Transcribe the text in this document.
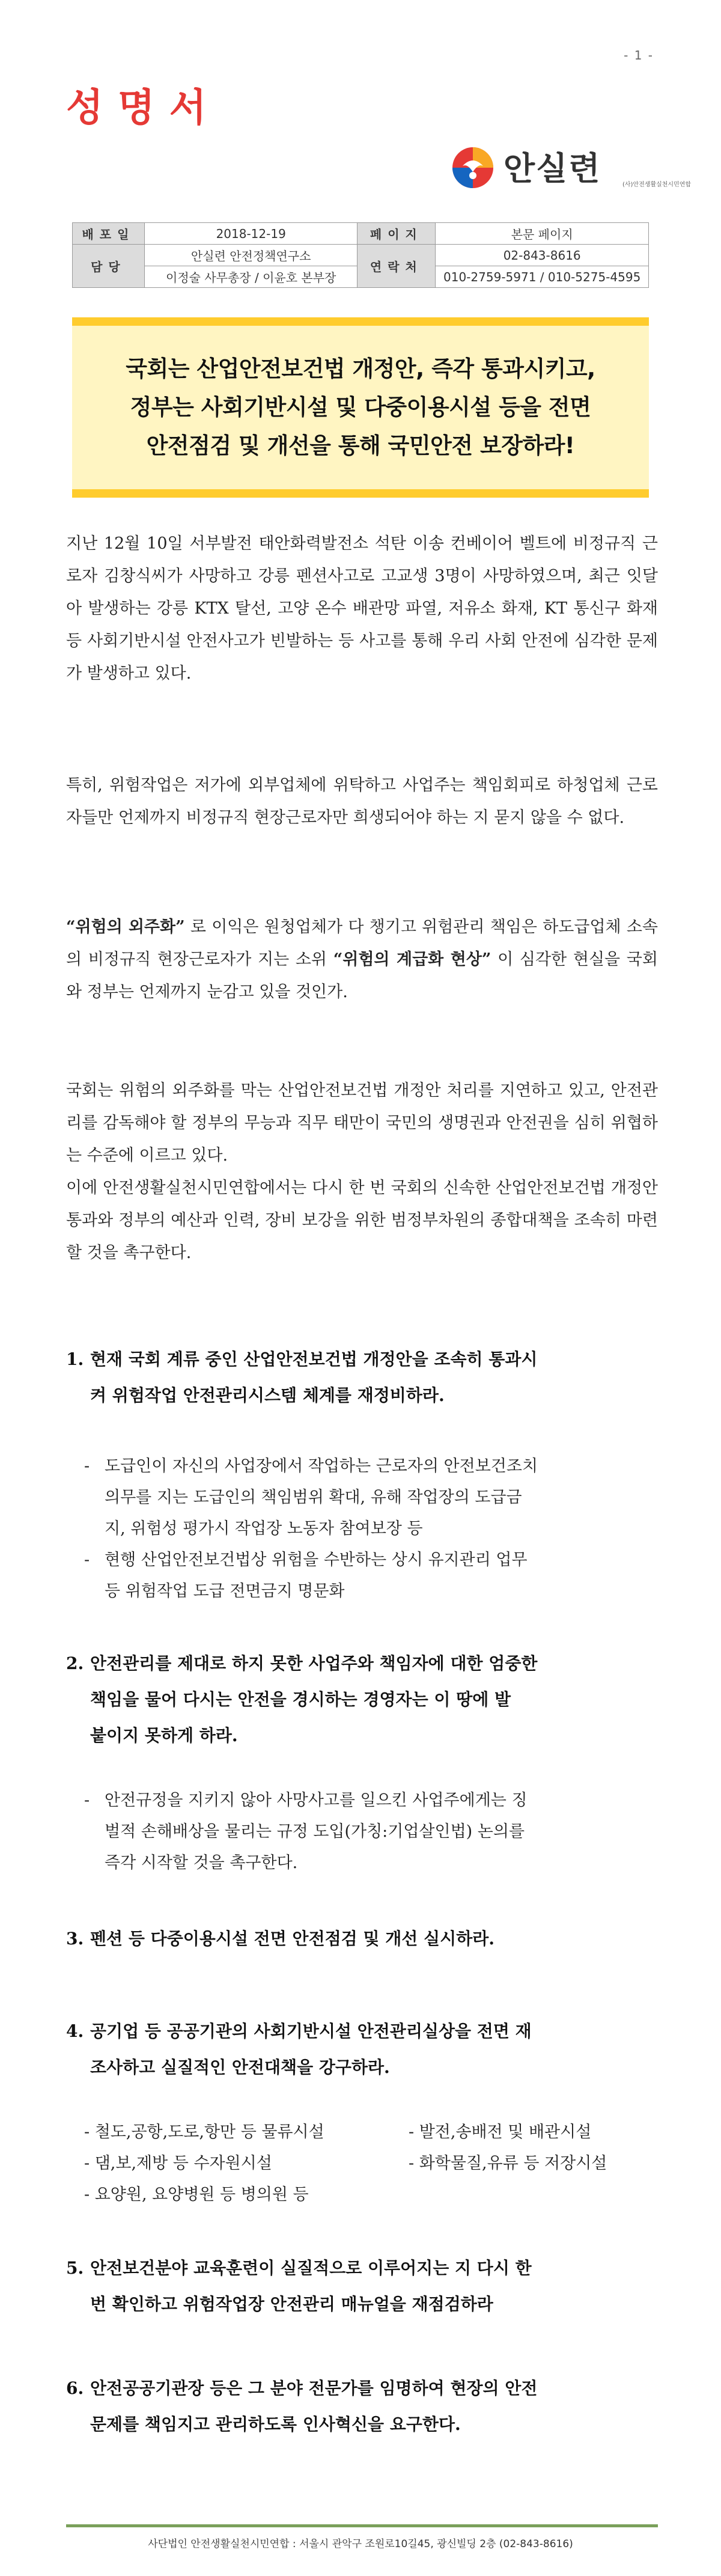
- 1 -
성명서
안실련	(사)안전생활실천시민연합
배포일	2018-12-19	페이지	본문 페이지
담당	안실련 안전정책연구소	연락처	02-843-8616
	이정술 사무총장 / 이윤호 본부장		010-2759-5971 / 010-5275-4595
국회는 산업안전보건법 개정안, 즉각 통과시키고,
정부는 사회기반시설 및 다중이용시설 등을 전면
안전점검 및 개선을 통해 국민안전 보장하라!
지난 12월 10일 서부발전 태안화력발전소 석탄 이송 컨베이어 벨트에 비정규직 근로자 김창식씨가 사망하고 강릉 펜션사고로 고교생 3명이 사망하였으며, 최근 잇달아 발생하는 강릉 KTX 탈선, 고양 온수 배관망 파열, 저유소 화재, KT 통신구 화재 등 사회기반시설 안전사고가 빈발하는 등 사고를 통해 우리 사회 안전에 심각한 문제가 발생하고 있다.
특히, 위험작업은 저가에 외부업체에 위탁하고 사업주는 책임회피로 하청업체 근로자들만 언제까지 비정규직 현장근로자만 희생되어야 하는 지 묻지 않을 수 없다.
“위험의 외주화” 로 이익은 원청업체가 다 챙기고 위험관리 책임은 하도급업체 소속의 비정규직 현장근로자가 지는 소위 “위험의 계급화 현상” 이 심각한 현실을 국회와 정부는 언제까지 눈감고 있을 것인가.
국회는 위험의 외주화를 막는 산업안전보건법 개정안 처리를 지연하고 있고, 안전관리를 감독해야 할 정부의 무능과 직무 태만이 국민의 생명권과 안전권을 심히 위협하는 수준에 이르고 있다.
이에 안전생활실천시민연합에서는 다시 한 번 국회의 신속한 산업안전보건법 개정안 통과와 정부의 예산과 인력, 장비 보강을 위한 범정부차원의 종합대책을 조속히 마련할 것을 촉구한다.
1. 현재 국회 계류 중인 산업안전보건법 개정안을 조속히 통과시
켜 위험작업 안전관리시스템 체계를 재정비하라.
- 도급인이 자신의 사업장에서 작업하는 근로자의 안전보건조치
의무를 지는 도급인의 책임범위 확대, 유해 작업장의 도급금
지, 위험성 평가시 작업장 노동자 참여보장 등
- 현행 산업안전보건법상 위험을 수반하는 상시 유지관리 업무
등 위험작업 도급 전면금지 명문화
2. 안전관리를 제대로 하지 못한 사업주와 책임자에 대한 엄중한
책임을 물어 다시는 안전을 경시하는 경영자는 이 땅에 발
붙이지 못하게 하라.
- 안전규정을 지키지 않아 사망사고를 일으킨 사업주에게는 징
벌적 손해배상을 물리는 규정 도입(가칭:기업살인법) 논의를
즉각 시작할 것을 촉구한다.
3. 펜션 등 다중이용시설 전면 안전점검 및 개선 실시하라.
4. 공기업 등 공공기관의 사회기반시설 안전관리실상을 전면 재
조사하고 실질적인 안전대책을 강구하라.
- 철도,공항,도로,항만 등 물류시설	- 발전,송배전 및 배관시설
- 댐,보,제방 등 수자원시설	- 화학물질,유류 등 저장시설
- 요양원, 요양병원 등 병의원 등
5. 안전보건분야 교육훈련이 실질적으로 이루어지는 지 다시 한
번 확인하고 위험작업장 안전관리 매뉴얼을 재점검하라
6. 안전공공기관장 등은 그 분야 전문가를 임명하여 현장의 안전
문제를 책임지고 관리하도록 인사혁신을 요구한다.
사단법인 안전생활실천시민연합 : 서울시 관악구 조원로10길45, 광신빌딩 2층 (02-843-8616)
